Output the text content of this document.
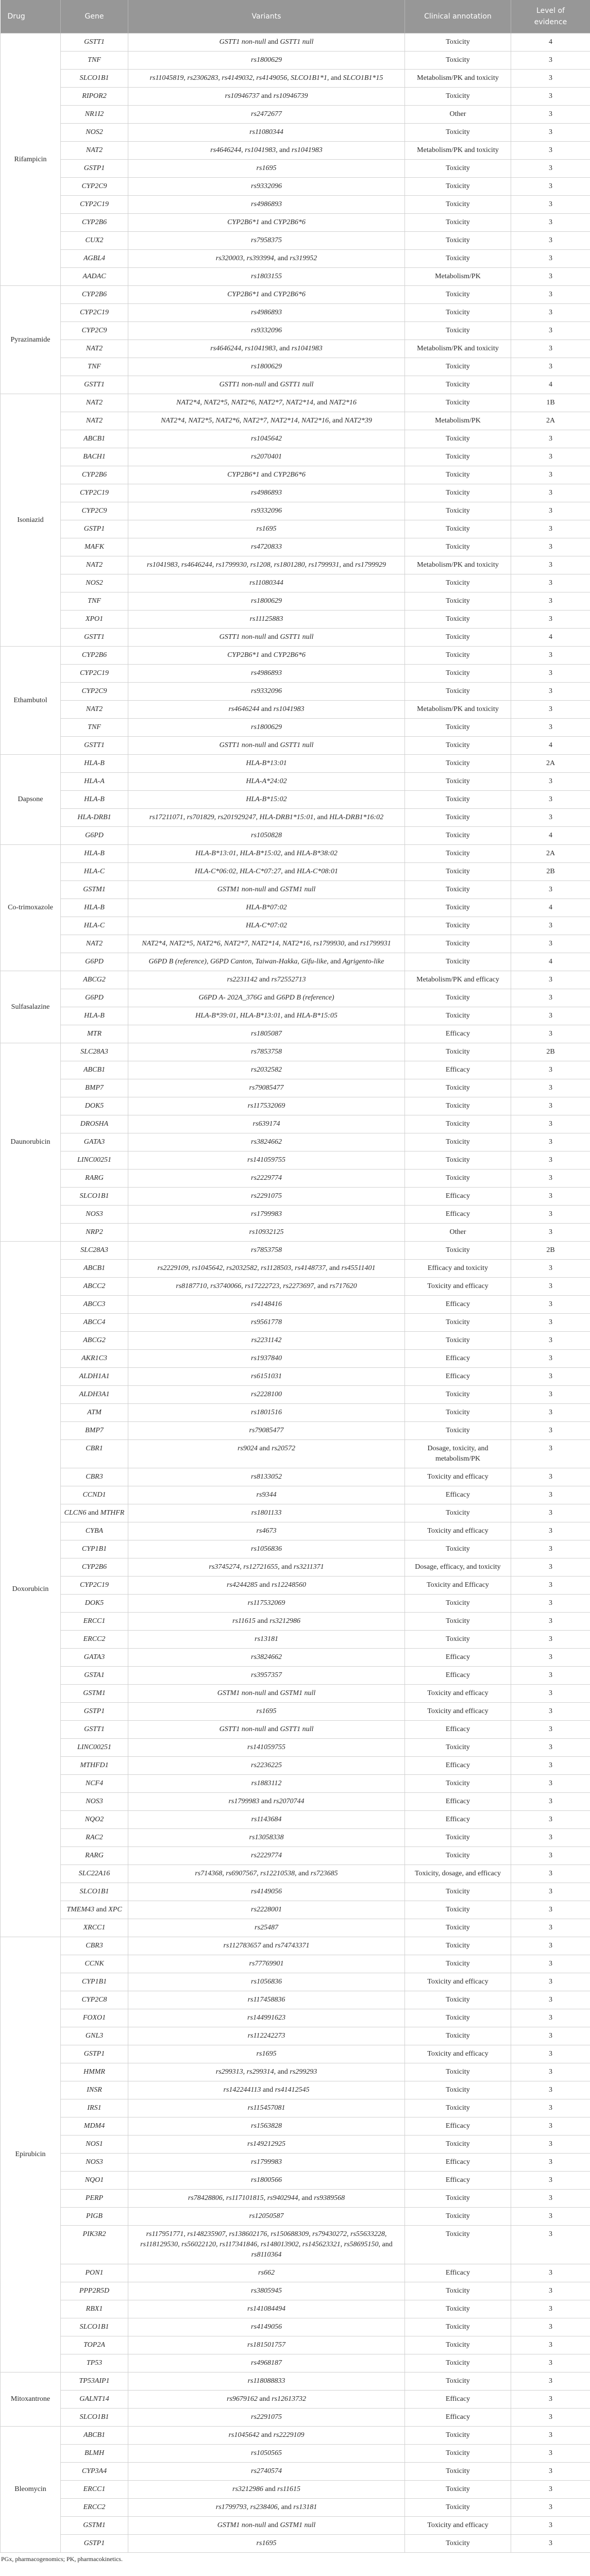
Drug	Gene	Variants	Clinical annotation	Level of evidence
Rifampicin	GSTT1	GSTT1 non-null and GSTT1 null	Toxicity	4
	TNF	rs1800629	Toxicity	3
	SLCO1B1	rs11045819, rs2306283, rs4149032, rs4149056, SLCO1B1*1, and SLCO1B1*15	Metabolism/PK and toxicity	3
	RIPOR2	rs10946737 and rs10946739	Toxicity	3
	NR1I2	rs2472677	Other	3
	NOS2	rs11080344	Toxicity	3
	NAT2	rs4646244, rs1041983, and rs1041983	Metabolism/PK and toxicity	3
	GSTP1	rs1695	Toxicity	3
	CYP2C9	rs9332096	Toxicity	3
	CYP2C19	rs4986893	Toxicity	3
	CYP2B6	CYP2B6*1 and CYP2B6*6	Toxicity	3
	CUX2	rs7958375	Toxicity	3
	AGBL4	rs320003, rs393994, and rs319952	Toxicity	3
	AADAC	rs1803155	Metabolism/PK	3
Pyrazinamide	CYP2B6	CYP2B6*1 and CYP2B6*6	Toxicity	3
	CYP2C19	rs4986893	Toxicity	3
	CYP2C9	rs9332096	Toxicity	3
	NAT2	rs4646244, rs1041983, and rs1041983	Metabolism/PK and toxicity	3
	TNF	rs1800629	Toxicity	3
	GSTT1	GSTT1 non-null and GSTT1 null	Toxicity	4
Isoniazid	NAT2	NAT2*4, NAT2*5, NAT2*6, NAT2*7, NAT2*14, and NAT2*16	Toxicity	1B
	NAT2	NAT2*4, NAT2*5, NAT2*6, NAT2*7, NAT2*14, NAT2*16, and NAT2*39	Metabolism/PK	2A
	ABCB1	rs1045642	Toxicity	3
	BACH1	rs2070401	Toxicity	3
	CYP2B6	CYP2B6*1 and CYP2B6*6	Toxicity	3
	CYP2C19	rs4986893	Toxicity	3
	CYP2C9	rs9332096	Toxicity	3
	GSTP1	rs1695	Toxicity	3
	MAFK	rs4720833	Toxicity	3
	NAT2	rs1041983, rs4646244, rs1799930, rs1208, rs1801280, rs1799931, and rs1799929	Metabolism/PK and toxicity	3
	NOS2	rs11080344	Toxicity	3
	TNF	rs1800629	Toxicity	3
	XPO1	rs11125883	Toxicity	3
	GSTT1	GSTT1 non-null and GSTT1 null	Toxicity	4
Ethambutol	CYP2B6	CYP2B6*1 and CYP2B6*6	Toxicity	3
	CYP2C19	rs4986893	Toxicity	3
	CYP2C9	rs9332096	Toxicity	3
	NAT2	rs4646244 and rs1041983	Metabolism/PK and toxicity	3
	TNF	rs1800629	Toxicity	3
	GSTT1	GSTT1 non-null and GSTT1 null	Toxicity	4
Dapsone	HLA-B	HLA-B*13:01	Toxicity	2A
	HLA-A	HLA-A*24:02	Toxicity	3
	HLA-B	HLA-B*15:02	Toxicity	3
	HLA-DRB1	rs17211071, rs701829, rs201929247, HLA-DRB1*15:01, and HLA-DRB1*16:02	Toxicity	3
	G6PD	rs1050828	Toxicity	4
Co-trimoxazole	HLA-B	HLA-B*13:01, HLA-B*15:02, and HLA-B*38:02	Toxicity	2A
	HLA-C	HLA-C*06:02, HLA-C*07:27, and HLA-C*08:01	Toxicity	2B
	GSTM1	GSTM1 non-null and GSTM1 null	Toxicity	3
	HLA-B	HLA-B*07:02	Toxicity	4
	HLA-C	HLA-C*07:02	Toxicity	3
	NAT2	NAT2*4, NAT2*5, NAT2*6, NAT2*7, NAT2*14, NAT2*16, rs1799930, and rs1799931	Toxicity	3
	G6PD	G6PD B (reference), G6PD Canton, Taiwan-Hakka, Gifu-like, and Agrigento-like	Toxicity	4
Sulfasalazine	ABCG2	rs2231142 and rs72552713	Metabolism/PK and efficacy	3
	G6PD	G6PD A- 202A_376G and G6PD B (reference)	Toxicity	3
	HLA-B	HLA-B*39:01, HLA-B*13:01, and HLA-B*15:05	Toxicity	3
	MTR	rs1805087	Efficacy	3
Daunorubicin	SLC28A3	rs7853758	Toxicity	2B
	ABCB1	rs2032582	Efficacy	3
	BMP7	rs79085477	Toxicity	3
	DOK5	rs117532069	Toxicity	3
	DROSHA	rs639174	Toxicity	3
	GATA3	rs3824662	Toxicity	3
	LINC00251	rs141059755	Toxicity	3
	RARG	rs2229774	Toxicity	3
	SLCO1B1	rs2291075	Efficacy	3
	NOS3	rs1799983	Efficacy	3
	NRP2	rs10932125	Other	3
Doxorubicin	SLC28A3	rs7853758	Toxicity	2B
	ABCB1	rs2229109, rs1045642, rs2032582, rs1128503, rs4148737, and rs45511401	Efficacy and toxicity	3
	ABCC2	rs8187710, rs3740066, rs17222723, rs2273697, and rs717620	Toxicity and efficacy	3
	ABCC3	rs4148416	Efficacy	3
	ABCC4	rs9561778	Toxicity	3
	ABCG2	rs2231142	Toxicity	3
	AKR1C3	rs1937840	Efficacy	3
	ALDH1A1	rs6151031	Efficacy	3
	ALDH3A1	rs2228100	Toxicity	3
	ATM	rs1801516	Toxicity	3
	BMP7	rs79085477	Toxicity	3
	CBR1	rs9024 and rs20572	Dosage, toxicity, and metabolism/PK	3
	CBR3	rs8133052	Toxicity and efficacy	3
	CCND1	rs9344	Efficacy	3
	CLCN6 and MTHFR	rs1801133	Toxicity	3
	CYBA	rs4673	Toxicity and efficacy	3
	CYP1B1	rs1056836	Toxicity	3
	CYP2B6	rs3745274, rs12721655, and rs3211371	Dosage, efficacy, and toxicity	3
	CYP2C19	rs4244285 and rs12248560	Toxicity and Efficacy	3
	DOK5	rs117532069	Toxicity	3
	ERCC1	rs11615 and rs3212986	Toxicity	3
	ERCC2	rs13181	Toxicity	3
	GATA3	rs3824662	Efficacy	3
	GSTA1	rs3957357	Efficacy	3
	GSTM1	GSTM1 non-null and GSTM1 null	Toxicity and efficacy	3
	GSTP1	rs1695	Toxicity and efficacy	3
	GSTT1	GSTT1 non-null and GSTT1 null	Efficacy	3
	LINC00251	rs141059755	Toxicity	3
	MTHFD1	rs2236225	Efficacy	3
	NCF4	rs1883112	Toxicity	3
	NOS3	rs1799983 and rs2070744	Efficacy	3
	NQO2	rs1143684	Efficacy	3
	RAC2	rs13058338	Toxicity	3
	RARG	rs2229774	Toxicity	3
	SLC22A16	rs714368, rs6907567, rs12210538, and rs723685	Toxicity, dosage, and efficacy	3
	SLCO1B1	rs4149056	Toxicity	3
	TMEM43 and XPC	rs2228001	Toxicity	3
	XRCC1	rs25487	Toxicity	3
Epirubicin	CBR3	rs112783657 and rs74743371	Toxicity	3
	CCNK	rs77769901	Toxicity	3
	CYP1B1	rs1056836	Toxicity and efficacy	3
	CYP2C8	rs117458836	Toxicity	3
	FOXO1	rs144991623	Toxicity	3
	GNL3	rs112242273	Toxicity	3
	GSTP1	rs1695	Toxicity and efficacy	3
	HMMR	rs299313, rs299314, and rs299293	Toxicity	3
	INSR	rs142244113 and rs41412545	Toxicity	3
	IRS1	rs115457081	Toxicity	3
	MDM4	rs1563828	Efficacy	3
	NOS1	rs149212925	Toxicity	3
	NOS3	rs1799983	Efficacy	3
	NQO1	rs1800566	Efficacy	3
	PERP	rs78428806, rs117101815, rs9402944, and rs9389568	Toxicity	3
	PIGB	rs12050587	Toxicity	3
	PIK3R2	rs117951771, rs148235907, rs138602176, rs150688309, rs79430272, rs55633228, rs118129530, rs56022120, rs117341846, rs148013902, rs145623321, rs58695150, and rs8110364	Toxicity	3
	PON1	rs662	Efficacy	3
	PPP2R5D	rs3805945	Toxicity	3
	RBX1	rs141084494	Toxicity	3
	SLCO1B1	rs4149056	Toxicity	3
	TOP2A	rs181501757	Toxicity	3
	TP53	rs4968187	Toxicity	3
Mitoxantrone	TP53AIP1	rs118088833	Toxicity	3
	GALNT14	rs9679162 and rs12613732	Efficacy	3
	SLCO1B1	rs2291075	Efficacy	3
Bleomycin	ABCB1	rs1045642 and rs2229109	Toxicity	3
	BLMH	rs1050565	Toxicity	3
	CYP3A4	rs2740574	Toxicity	3
	ERCC1	rs3212986 and rs11615	Toxicity	3
	ERCC2	rs1799793, rs238406, and rs13181	Toxicity	3
	GSTM1	GSTM1 non-null and GSTM1 null	Toxicity and efficacy	3
	GSTP1	rs1695	Toxicity	3
PGx, pharmacogenomics; PK, pharmacokinetics.
